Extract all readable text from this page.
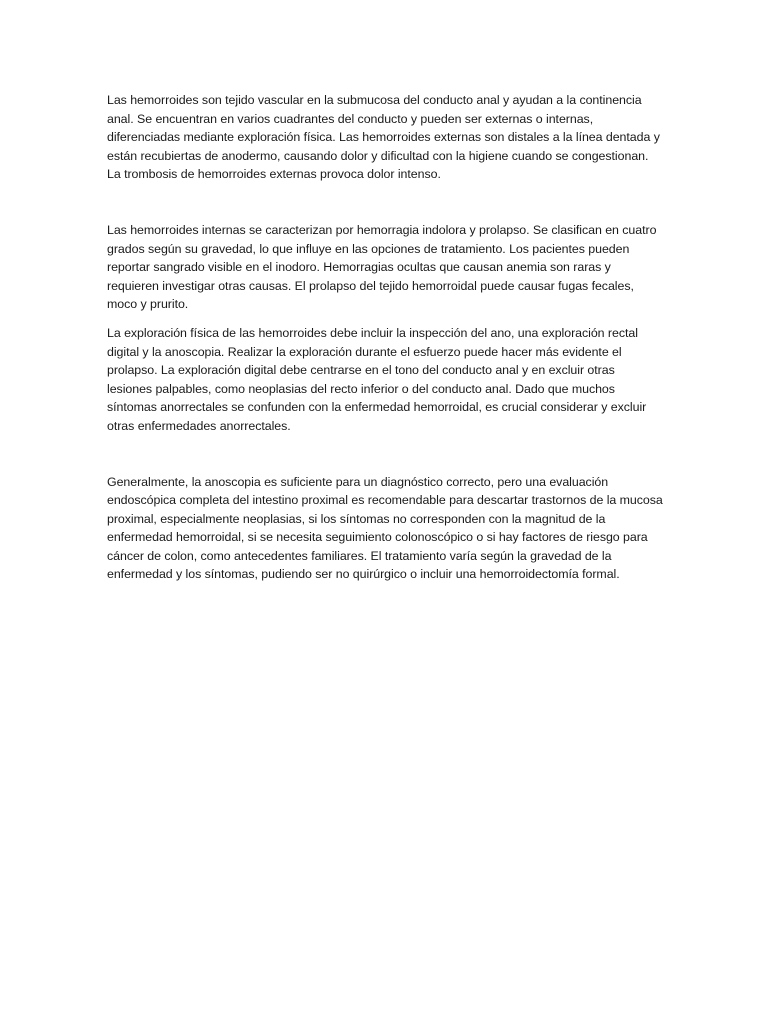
Las hemorroides son tejido vascular en la submucosa del conducto anal y ayudan a la continencia anal. Se encuentran en varios cuadrantes del conducto y pueden ser externas o internas, diferenciadas mediante exploración física. Las hemorroides externas son distales a la línea dentada y están recubiertas de anodermo, causando dolor y dificultad con la higiene cuando se congestionan. La trombosis de hemorroides externas provoca dolor intenso.

Las hemorroides internas se caracterizan por hemorragia indolora y prolapso. Se clasifican en cuatro grados según su gravedad, lo que influye en las opciones de tratamiento. Los pacientes pueden reportar sangrado visible en el inodoro. Hemorragias ocultas que causan anemia son raras y requieren investigar otras causas. El prolapso del tejido hemorroidal puede causar fugas fecales, moco y prurito.

La exploración física de las hemorroides debe incluir la inspección del ano, una exploración rectal digital y la anoscopia. Realizar la exploración durante el esfuerzo puede hacer más evidente el prolapso. La exploración digital debe centrarse en el tono del conducto anal y en excluir otras lesiones palpables, como neoplasias del recto inferior o del conducto anal. Dado que muchos síntomas anorrectales se confunden con la enfermedad hemorroidal, es crucial considerar y excluir otras enfermedades anorrectales.

Generalmente, la anoscopia es suficiente para un diagnóstico correcto, pero una evaluación endoscópica completa del intestino proximal es recomendable para descartar trastornos de la mucosa proximal, especialmente neoplasias, si los síntomas no corresponden con la magnitud de la enfermedad hemorroidal, si se necesita seguimiento colonoscópico o si hay factores de riesgo para cáncer de colon, como antecedentes familiares. El tratamiento varía según la gravedad de la enfermedad y los síntomas, pudiendo ser no quirúrgico o incluir una hemorroidectomía formal.
